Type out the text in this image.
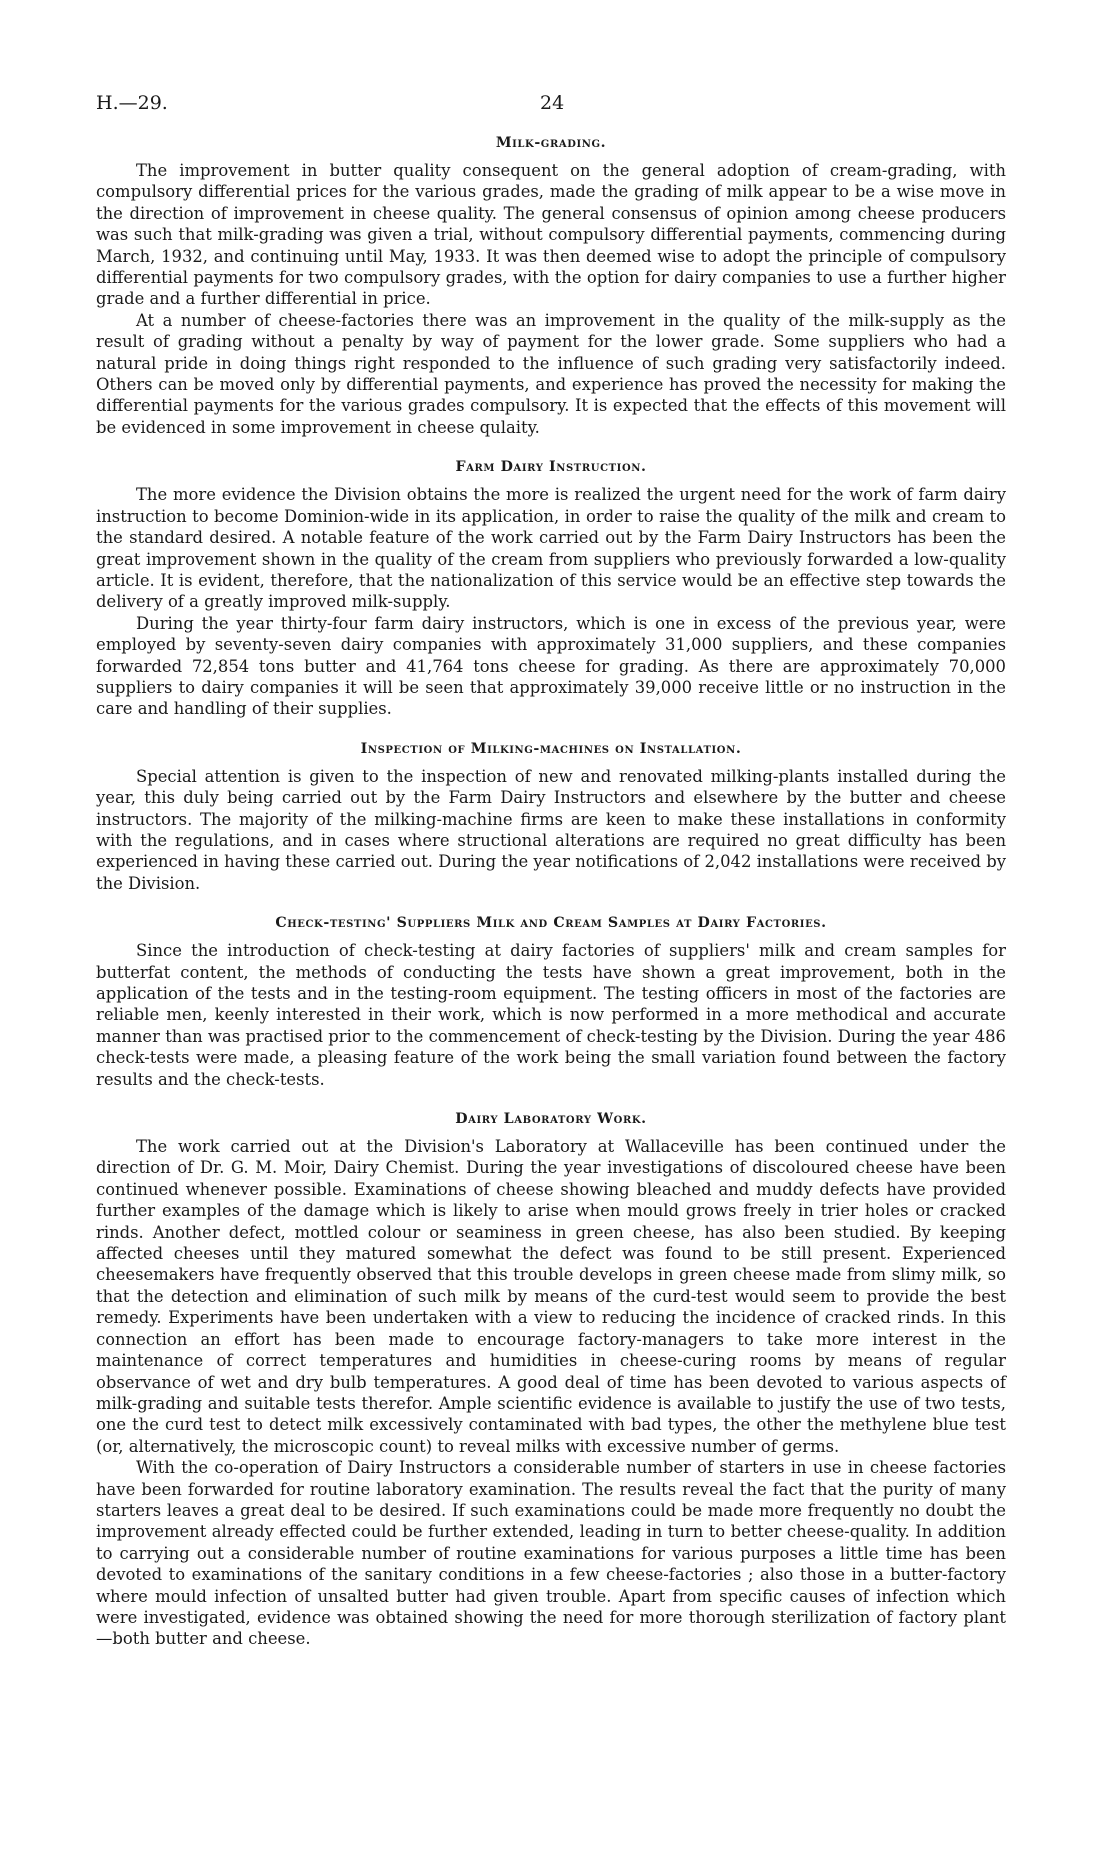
H.—29.	24
Milk-grading.

The improvement in butter quality consequent on the general adoption of cream-grading, with compulsory differential prices for the various grades, made the grading of milk appear to be a wise move in the direction of improvement in cheese quality. The general consensus of opinion among cheese producers was such that milk-grading was given a trial, without compulsory differential payments, commencing during March, 1932, and continuing until May, 1933. It was then deemed wise to adopt the principle of compulsory differential payments for two compulsory grades, with the option for dairy companies to use a further higher grade and a further differential in price.

At a number of cheese-factories there was an improvement in the quality of the milk-supply as the result of grading without a penalty by way of payment for the lower grade. Some suppliers who had a natural pride in doing things right responded to the influence of such grading very satisfactorily indeed. Others can be moved only by differential payments, and experience has proved the necessity for making the differential payments for the various grades compulsory. It is expected that the effects of this movement will be evidenced in some improvement in cheese qulaity.

Farm Dairy Instruction.

The more evidence the Division obtains the more is realized the urgent need for the work of farm dairy instruction to become Dominion-wide in its application, in order to raise the quality of the milk and cream to the standard desired. A notable feature of the work carried out by the Farm Dairy Instructors has been the great improvement shown in the quality of the cream from suppliers who previously forwarded a low-quality article. It is evident, therefore, that the nationalization of this service would be an effective step towards the delivery of a greatly improved milk-supply.

During the year thirty-four farm dairy instructors, which is one in excess of the previous year, were employed by seventy-seven dairy companies with approximately 31,000 suppliers, and these companies forwarded 72,854 tons butter and 41,764 tons cheese for grading. As there are approximately 70,000 suppliers to dairy companies it will be seen that approximately 39,000 receive little or no instruction in the care and handling of their supplies.

Inspection of Milking-machines on Installation.

Special attention is given to the inspection of new and renovated milking-plants installed during the year, this duly being carried out by the Farm Dairy Instructors and elsewhere by the butter and cheese instructors. The majority of the milking-machine firms are keen to make these installations in conformity with the regulations, and in cases where structional alterations are required no great difficulty has been experienced in having these carried out. During the year notifications of 2,042 installations were received by the Division.

Check-testing' Suppliers Milk and Cream Samples at Dairy Factories.

Since the introduction of check-testing at dairy factories of suppliers' milk and cream samples for butterfat content, the methods of conducting the tests have shown a great improvement, both in the application of the tests and in the testing-room equipment. The testing officers in most of the factories are reliable men, keenly interested in their work, which is now performed in a more methodical and accurate manner than was practised prior to the commencement of check-testing by the Division. During the year 486 check-tests were made, a pleasing feature of the work being the small variation found between the factory results and the check-tests.

Dairy Laboratory Work.

The work carried out at the Division's Laboratory at Wallaceville has been continued under the direction of Dr. G. M. Moir, Dairy Chemist. During the year investigations of discoloured cheese have been continued whenever possible. Examinations of cheese showing bleached and muddy defects have provided further examples of the damage which is likely to arise when mould grows freely in trier holes or cracked rinds. Another defect, mottled colour or seaminess in green cheese, has also been studied. By keeping affected cheeses until they matured somewhat the defect was found to be still present. Experienced cheesemakers have frequently observed that this trouble develops in green cheese made from slimy milk, so that the detection and elimination of such milk by means of the curd-test would seem to provide the best remedy. Experiments have been undertaken with a view to reducing the incidence of cracked rinds. In this connection an effort has been made to encourage factory-managers to take more interest in the maintenance of correct temperatures and humidities in cheese-curing rooms by means of regular observance of wet and dry bulb temperatures. A good deal of time has been devoted to various aspects of milk-grading and suitable tests therefor. Ample scientific evidence is available to justify the use of two tests, one the curd test to detect milk excessively contaminated with bad types, the other the methylene blue test (or, alternatively, the microscopic count) to reveal milks with excessive number of germs.

With the co-operation of Dairy Instructors a considerable number of starters in use in cheese factories have been forwarded for routine laboratory examination. The results reveal the fact that the purity of many starters leaves a great deal to be desired. If such examinations could be made more frequently no doubt the improvement already effected could be further extended, leading in turn to better cheese-quality. In addition to carrying out a considerable number of routine examinations for various purposes a little time has been devoted to examinations of the sanitary conditions in a few cheese-factories ; also those in a butter-factory where mould infection of unsalted butter had given trouble. Apart from specific causes of infection which were investigated, evidence was obtained showing the need for more thorough sterilization of factory plant—both butter and cheese.
